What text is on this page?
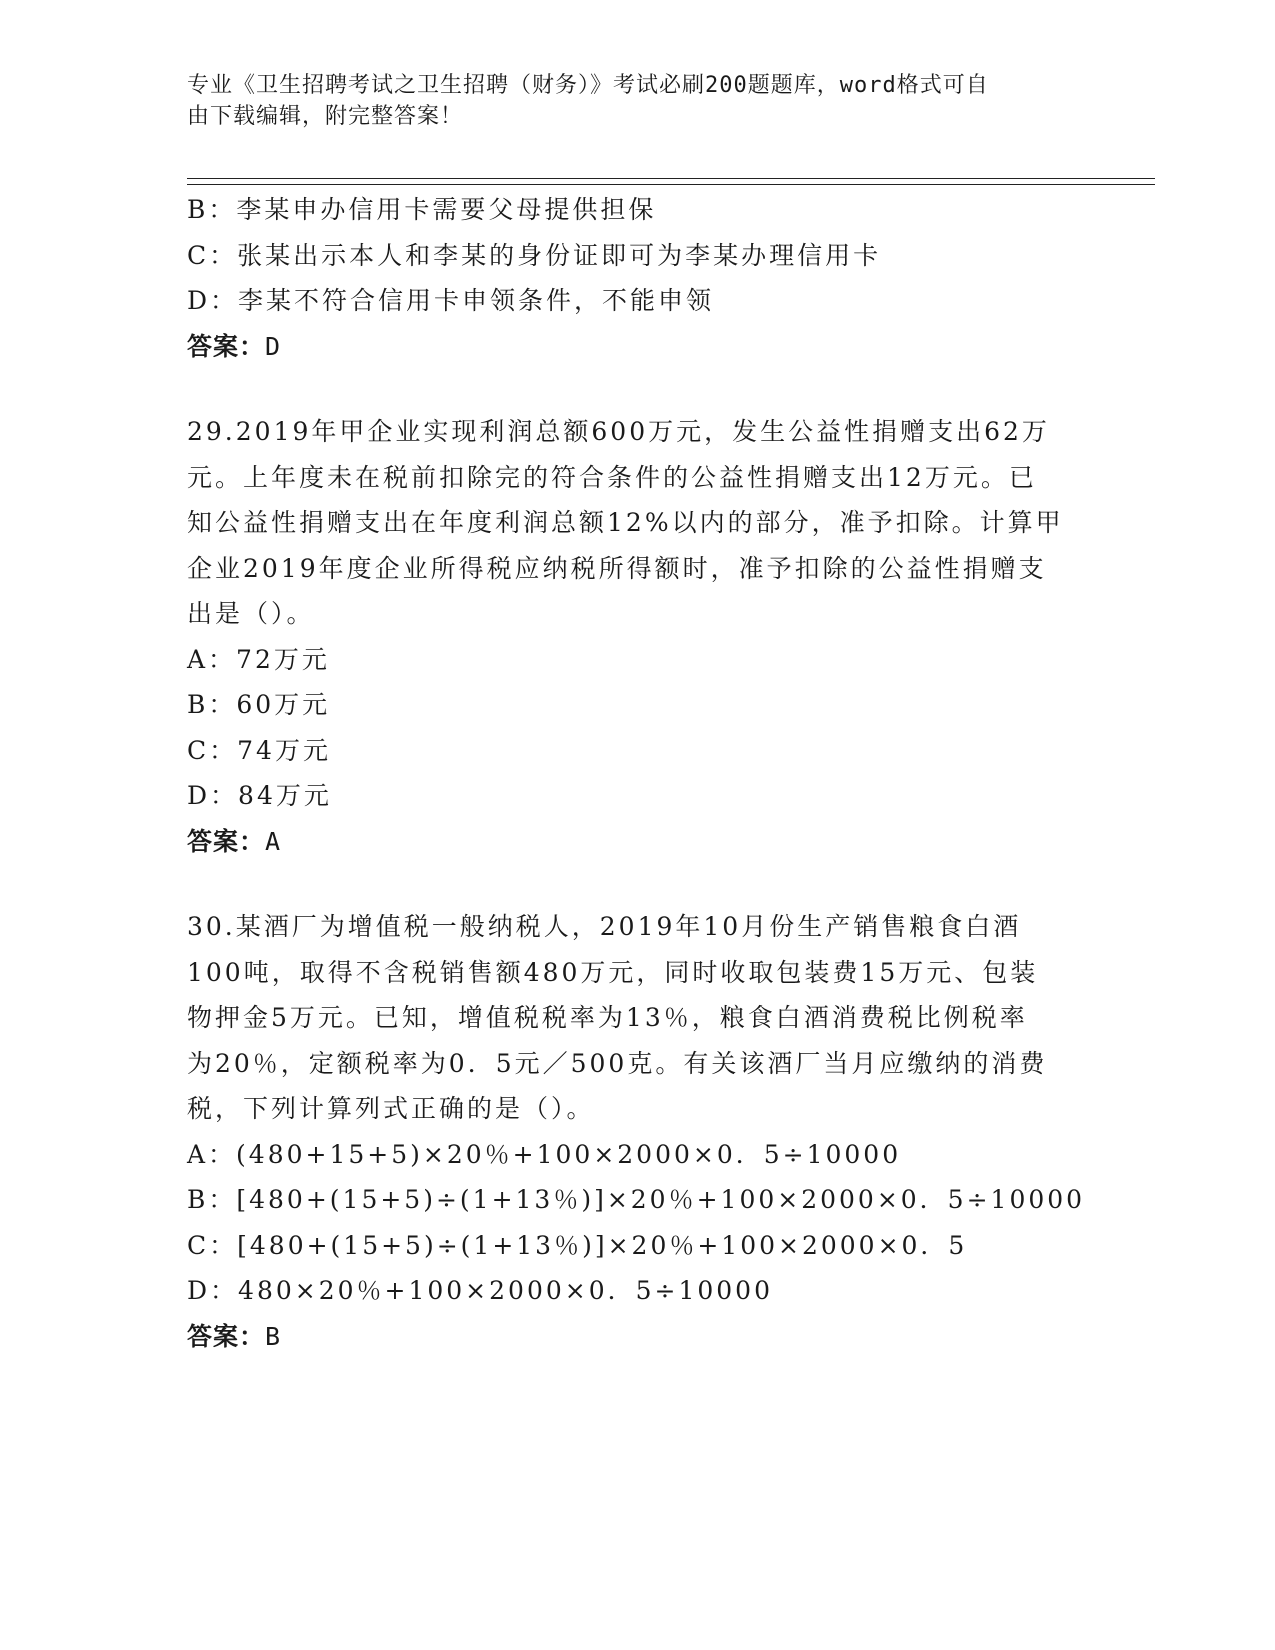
专业《卫生招聘考试之卫生招聘（财务）》考试必刷200题题库，word格式可自
由下载编辑，附完整答案！
B：李某申办信用卡需要父母提供担保
C：张某出示本人和李某的身份证即可为李某办理信用卡
D：李某不符合信用卡申领条件，不能申领
答案：D
29.2019年甲企业实现利润总额600万元，发生公益性捐赠支出62万
元。上年度未在税前扣除完的符合条件的公益性捐赠支出12万元。已
知公益性捐赠支出在年度利润总额12%以内的部分，准予扣除。计算甲
企业2019年度企业所得税应纳税所得额时，准予扣除的公益性捐赠支
出是（）。
A：72万元
B：60万元
C：74万元
D：84万元
答案：A
30.某酒厂为增值税一般纳税人，2019年10月份生产销售粮食白酒
100吨，取得不含税销售额480万元，同时收取包装费15万元、包装
物押金5万元。已知，增值税税率为13％，粮食白酒消费税比例税率
为20％，定额税率为0．5元／500克。有关该酒厂当月应缴纳的消费
税，下列计算列式正确的是（）。
A：(480+15+5)×20％+100×2000×0．5÷10000
B：[480+(15+5)÷(1+13％)]×20％+100×2000×0．5÷10000
C：[480+(15+5)÷(1+13％)]×20％+100×2000×0．5
D：480×20％+100×2000×0．5÷10000
答案：B
